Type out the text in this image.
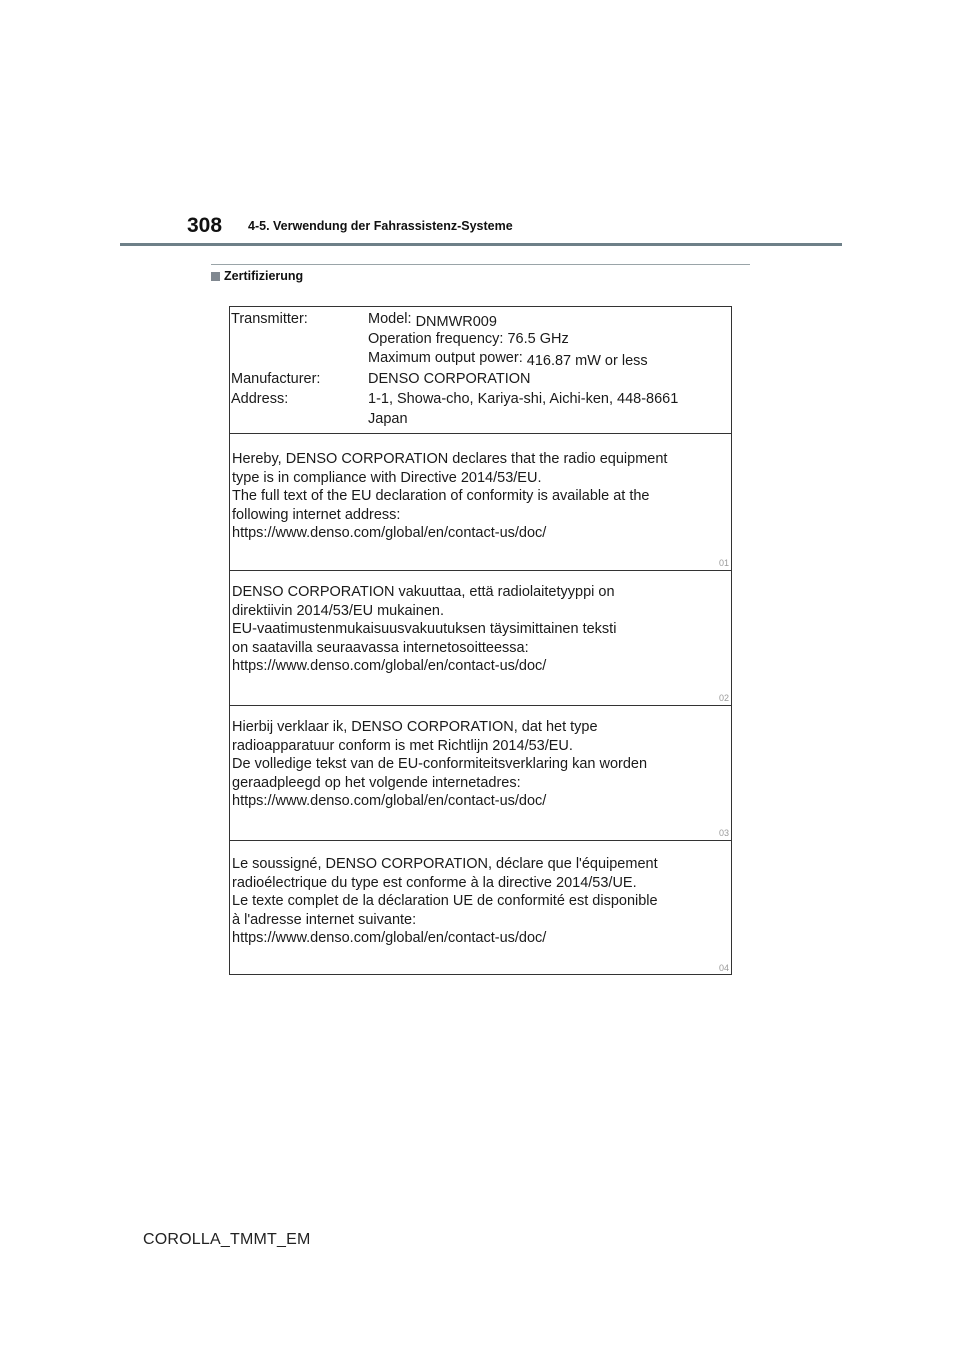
308 4-5. Verwendung der Fahrassistenz-Systeme
Zertifizierung
Transmitter:	Model: DNMWR009
Operation frequency: 76.5 GHz
Maximum output power: 416.87 mW or less
Manufacturer:	DENSO CORPORATION
Address:	1-1, Showa-cho, Kariya-shi, Aichi-ken, 448-8661
Japan

Hereby, DENSO CORPORATION declares that the radio equipment
type is in compliance with Directive 2014/53/EU.
The full text of the EU declaration of conformity is available at the
following internet address:
https://www.denso.com/global/en/contact-us/doc/

01

DENSO CORPORATION vakuuttaa, että radiolaitetyyppi on
direktiivin 2014/53/EU mukainen.
EU-vaatimustenmukaisuusvakuutuksen täysimittainen teksti
on saatavilla seuraavassa internetosoitteessa:
https://www.denso.com/global/en/contact-us/doc/

02

Hierbij verklaar ik, DENSO CORPORATION, dat het type
radioapparatuur conform is met Richtlijn 2014/53/EU.
De volledige tekst van de EU-conformiteitsverklaring kan worden
geraadpleegd op het volgende internetadres:
https://www.denso.com/global/en/contact-us/doc/

03

Le soussigné, DENSO CORPORATION, déclare que l'équipement
radioélectrique du type est conforme à la directive 2014/53/UE.
Le texte complet de la déclaration UE de conformité est disponible
à l'adresse internet suivante:
https://www.denso.com/global/en/contact-us/doc/

04
COROLLA_TMMT_EM
